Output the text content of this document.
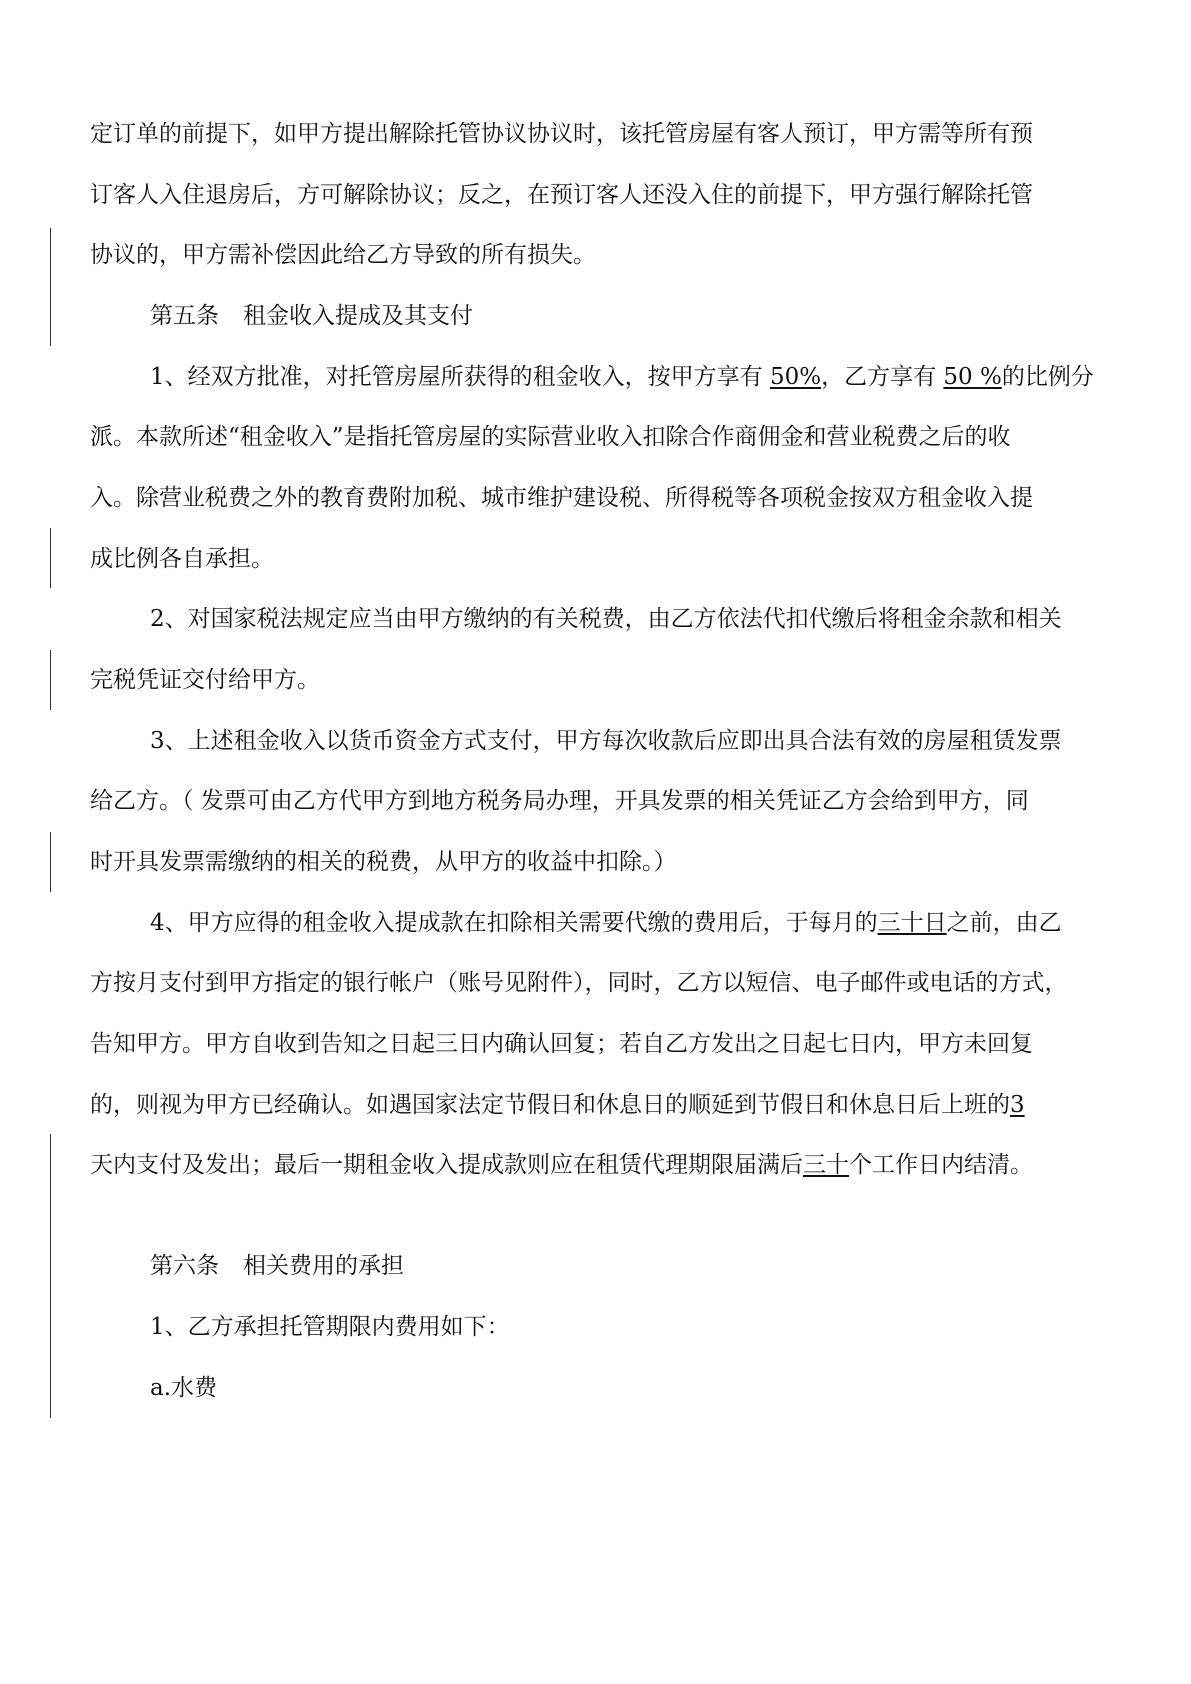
定订单的前提下，如甲方提出解除托管协议协议时，该托管房屋有客人预订，甲方需等所有预
订客人入住退房后，方可解除协议；反之，在预订客人还没入住的前提下，甲方强行解除托管
协议的，甲方需补偿因此给乙方导致的所有损失。
第五条 租金收入提成及其支付
1、经双方批准，对托管房屋所获得的租金收入，按甲方享有 50%，乙方享有 50 %的比例分
派。本款所述“租金收入”是指托管房屋的实际营业收入扣除合作商佣金和营业税费之后的收
入。除营业税费之外的教育费附加税、城市维护建设税、所得税等各项税金按双方租金收入提
成比例各自承担。
2、对国家税法规定应当由甲方缴纳的有关税费，由乙方依法代扣代缴后将租金余款和相关
完税凭证交付给甲方。
3、上述租金收入以货币资金方式支付，甲方每次收款后应即出具合法有效的房屋租赁发票
给乙方。（ 发票可由乙方代甲方到地方税务局办理，开具发票的相关凭证乙方会给到甲方，同
时开具发票需缴纳的相关的税费，从甲方的收益中扣除。）
4、甲方应得的租金收入提成款在扣除相关需要代缴的费用后，于每月的三十日之前，由乙
方按月支付到甲方指定的银行帐户（账号见附件），同时，乙方以短信、电子邮件或电话的方式，
告知甲方。甲方自收到告知之日起三日内确认回复；若自乙方发出之日起七日内，甲方未回复
的，则视为甲方已经确认。如遇国家法定节假日和休息日的顺延到节假日和休息日后上班的3
天内支付及发出；最后一期租金收入提成款则应在租赁代理期限届满后三十个工作日内结清。
第六条 相关费用的承担
1、乙方承担托管期限内费用如下：
a.水费
